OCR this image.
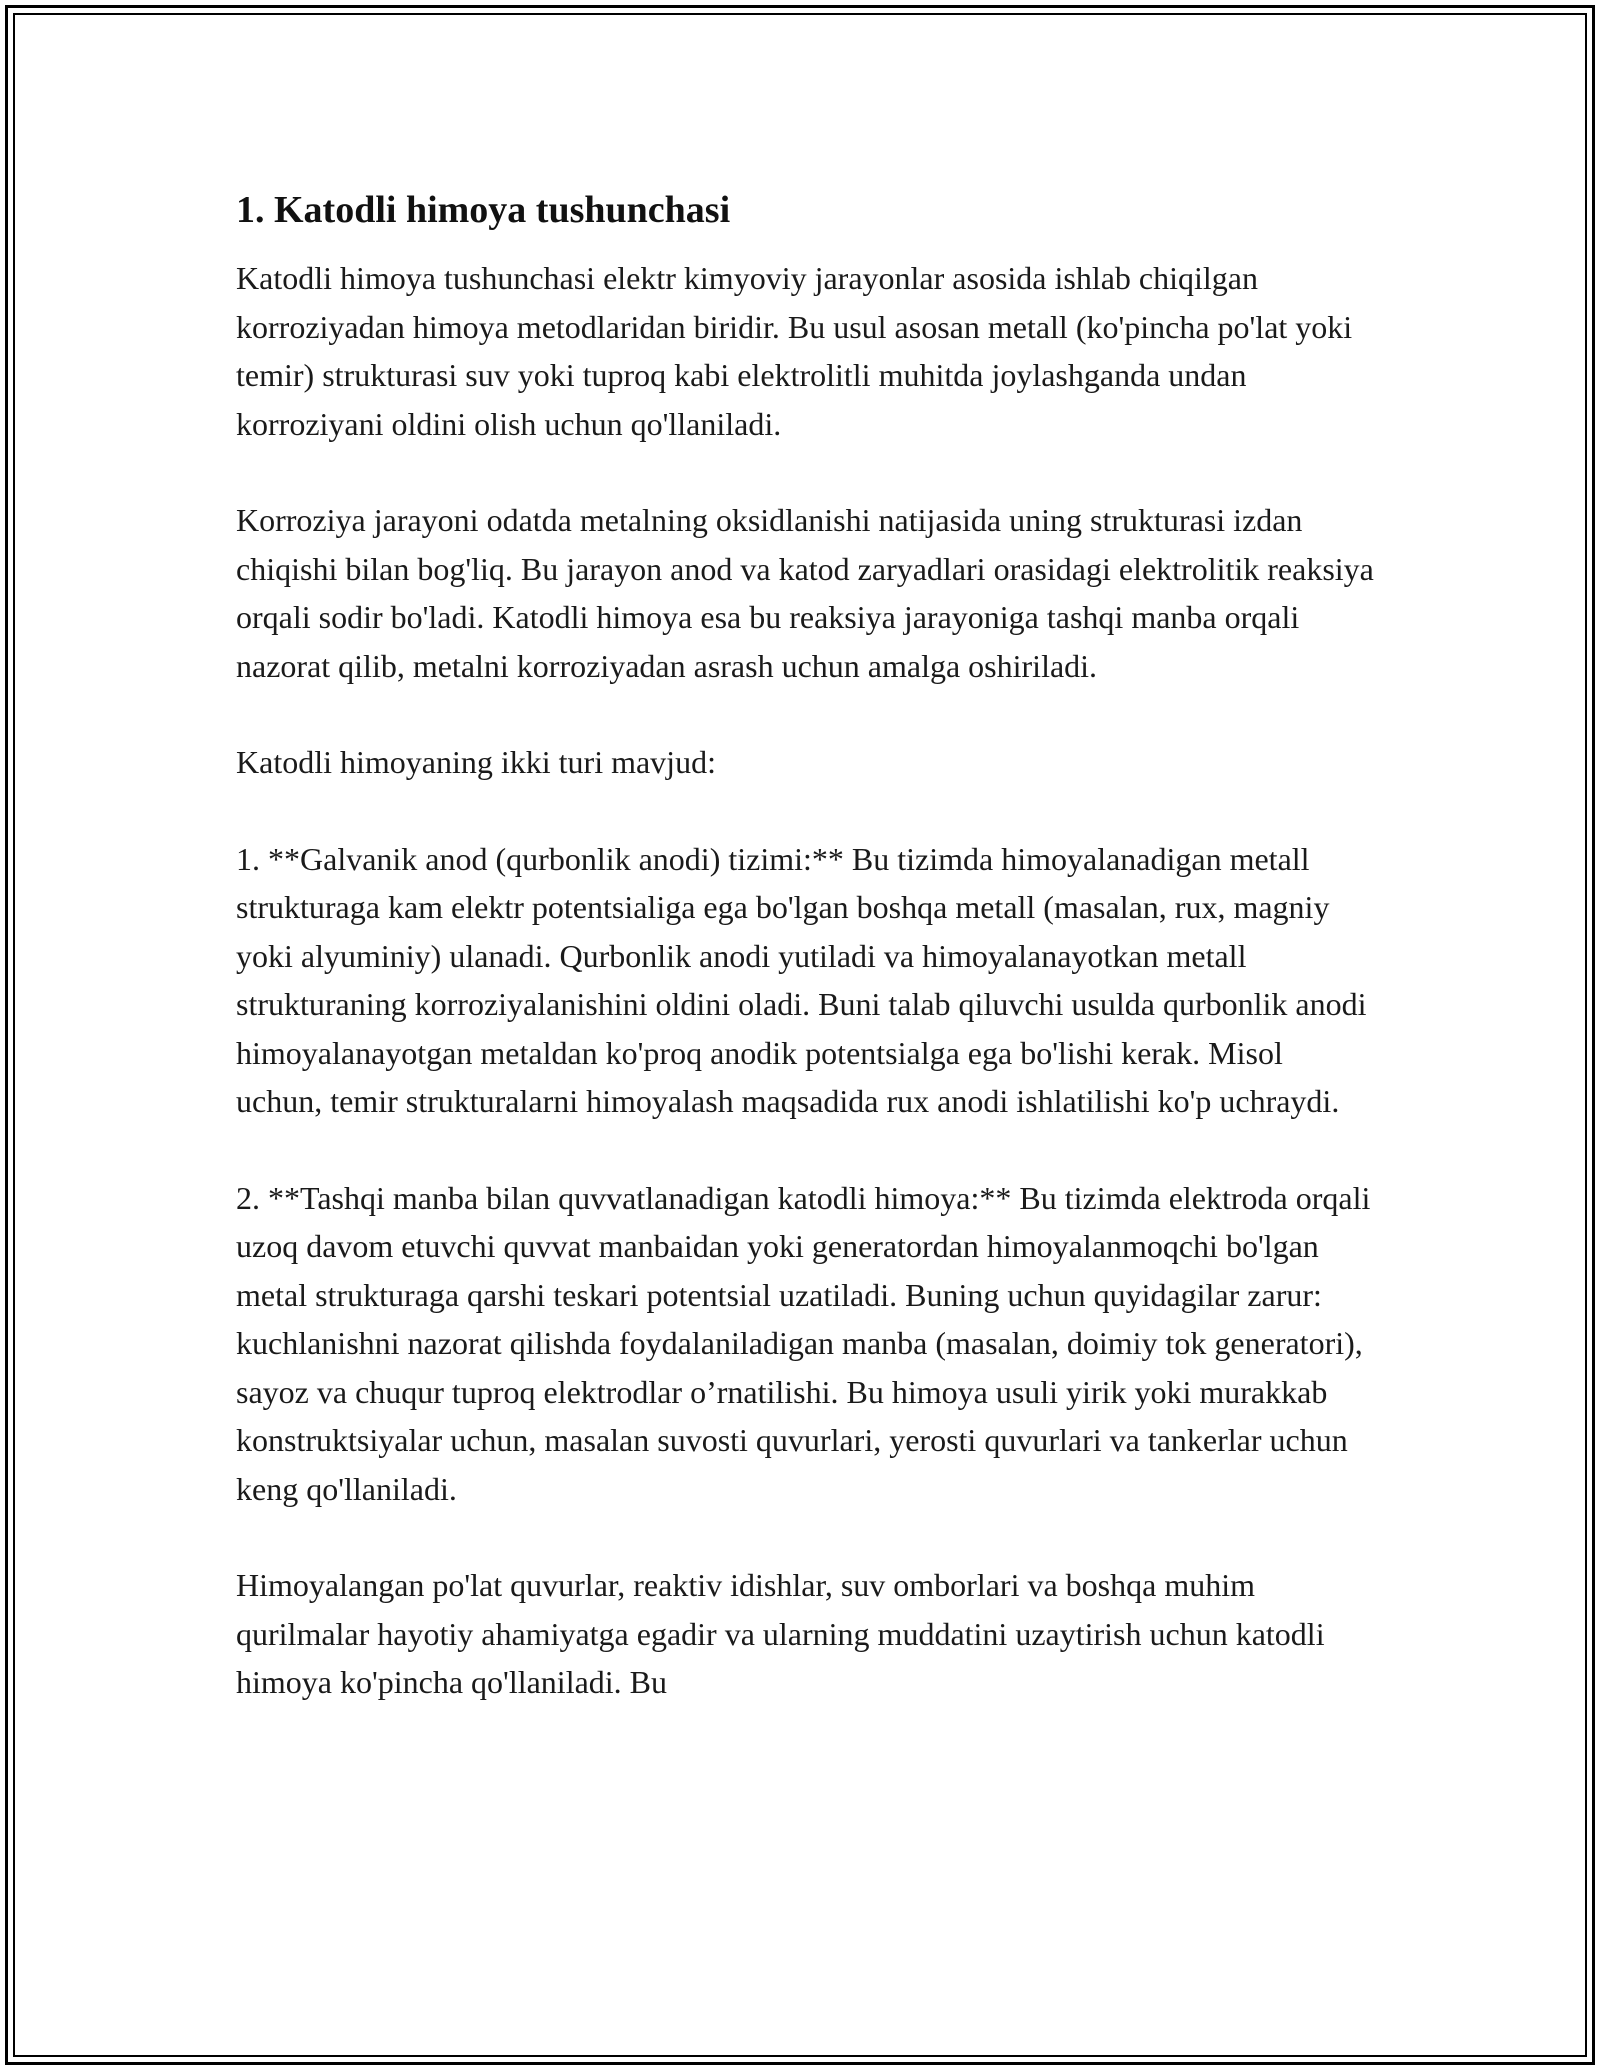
1. Katodli himoya tushunchasi

Katodli himoya tushunchasi elektr kimyoviy jarayonlar asosida ishlab chiqilgan korroziyadan himoya metodlaridan biridir. Bu usul asosan metall (ko'pincha po'lat yoki temir) strukturasi suv yoki tuproq kabi elektrolitli muhitda joylashganda undan korroziyani oldini olish uchun qo'llaniladi.

Korroziya jarayoni odatda metalning oksidlanishi natijasida uning strukturasi izdan chiqishi bilan bog'liq. Bu jarayon anod va katod zaryadlari orasidagi elektrolitik reaksiya orqali sodir bo'ladi. Katodli himoya esa bu reaksiya jarayoniga tashqi manba orqali nazorat qilib, metalni korroziyadan asrash uchun amalga oshiriladi.

Katodli himoyaning ikki turi mavjud:

1. **Galvanik anod (qurbonlik anodi) tizimi:** Bu tizimda himoyalanadigan metall strukturaga kam elektr potentsialiga ega bo'lgan boshqa metall (masalan, rux, magniy yoki alyuminiy) ulanadi. Qurbonlik anodi yutiladi va himoyalanayotkan metall strukturaning korroziyalanishini oldini oladi. Buni talab qiluvchi usulda qurbonlik anodi himoyalanayotgan metaldan ko'proq anodik potentsialga ega bo'lishi kerak. Misol uchun, temir strukturalarni himoyalash maqsadida rux anodi ishlatilishi ko'p uchraydi.

2. **Tashqi manba bilan quvvatlanadigan katodli himoya:** Bu tizimda elektroda orqali uzoq davom etuvchi quvvat manbaidan yoki generatordan himoyalanmoqchi bo'lgan metal strukturaga qarshi teskari potentsial uzatiladi. Buning uchun quyidagilar zarur: kuchlanishni nazorat qilishda foydalaniladigan manba (masalan, doimiy tok generatori), sayoz va chuqur tuproq elektrodlar o’rnatilishi. Bu himoya usuli yirik yoki murakkab konstruktsiyalar uchun, masalan suvosti quvurlari, yerosti quvurlari va tankerlar uchun keng qo'llaniladi.

Himoyalangan po'lat quvurlar, reaktiv idishlar, suv omborlari va boshqa muhim qurilmalar hayotiy ahamiyatga egadir va ularning muddatini uzaytirish uchun katodli himoya ko'pincha qo'llaniladi. Bu
